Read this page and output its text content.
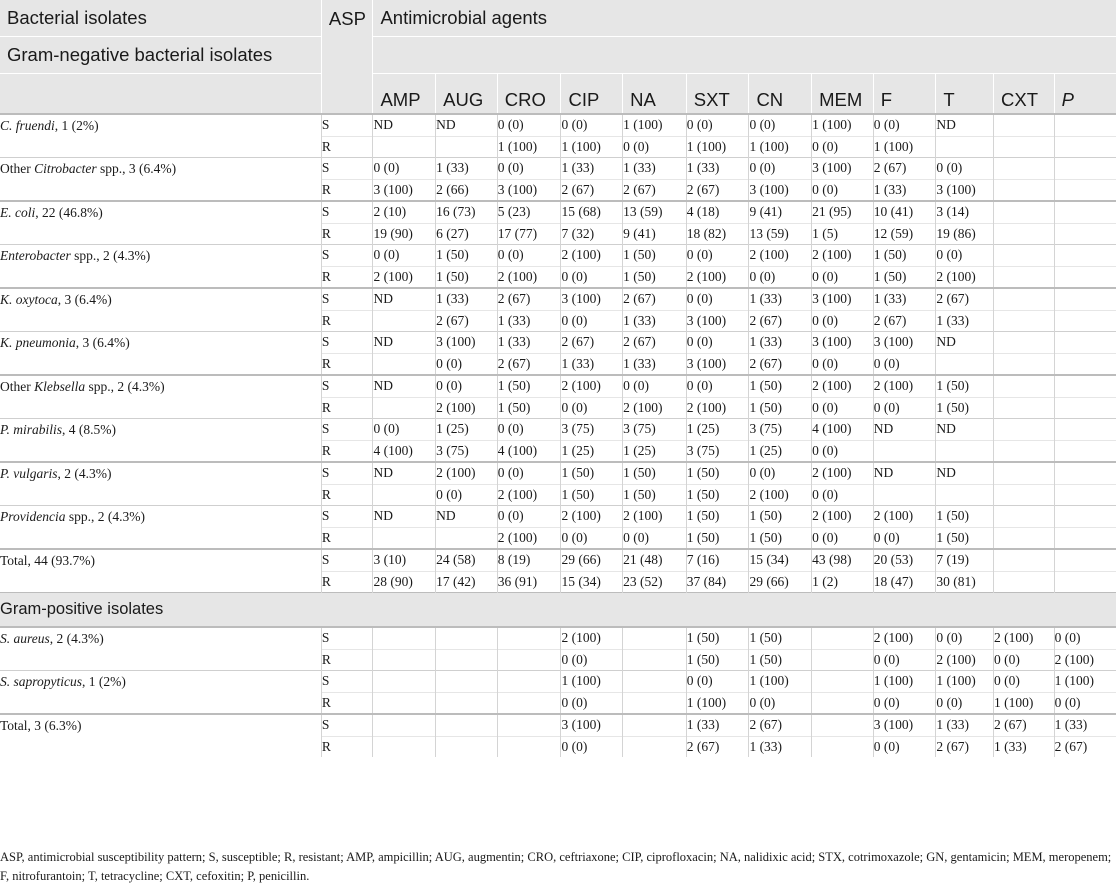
Bacterial isolates	ASP	Antimicrobial agents											
Gram-negative bacterial isolates													
		AMP	AUG	CRO	CIP	NA	SXT	CN	MEM	F	T	CXT	P
C. fruendi, 1 (2%)	S	ND	ND	0 (0)	0 (0)	1 (100)	0 (0)	0 (0)	1 (100)	0 (0)	ND		
	R			1 (100)	1 (100)	0 (0)	1 (100)	1 (100)	0 (0)	1 (100)			
Other Citrobacter spp., 3 (6.4%)	S	0 (0)	1 (33)	0 (0)	1 (33)	1 (33)	1 (33)	0 (0)	3 (100)	2 (67)	0 (0)		
	R	3 (100)	2 (66)	3 (100)	2 (67)	2 (67)	2 (67)	3 (100)	0 (0)	1 (33)	3 (100)		
E. coli, 22 (46.8%)	S	2 (10)	16 (73)	5 (23)	15 (68)	13 (59)	4 (18)	9 (41)	21 (95)	10 (41)	3 (14)		
	R	19 (90)	6 (27)	17 (77)	7 (32)	9 (41)	18 (82)	13 (59)	1 (5)	12 (59)	19 (86)		
Enterobacter spp., 2 (4.3%)	S	0 (0)	1 (50)	0 (0)	2 (100)	1 (50)	0 (0)	2 (100)	2 (100)	1 (50)	0 (0)		
	R	2 (100)	1 (50)	2 (100)	0 (0)	1 (50)	2 (100)	0 (0)	0 (0)	1 (50)	2 (100)		
K. oxytoca, 3 (6.4%)	S	ND	1 (33)	2 (67)	3 (100)	2 (67)	0 (0)	1 (33)	3 (100)	1 (33)	2 (67)		
	R		2 (67)	1 (33)	0 (0)	1 (33)	3 (100)	2 (67)	0 (0)	2 (67)	1 (33)		
K. pneumonia, 3 (6.4%)	S	ND	3 (100)	1 (33)	2 (67)	2 (67)	0 (0)	1 (33)	3 (100)	3 (100)	ND		
	R		0 (0)	2 (67)	1 (33)	1 (33)	3 (100)	2 (67)	0 (0)	0 (0)			
Other Klebsella spp., 2 (4.3%)	S	ND	0 (0)	1 (50)	2 (100)	0 (0)	0 (0)	1 (50)	2 (100)	2 (100)	1 (50)		
	R		2 (100)	1 (50)	0 (0)	2 (100)	2 (100)	1 (50)	0 (0)	0 (0)	1 (50)		
P. mirabilis, 4 (8.5%)	S	0 (0)	1 (25)	0 (0)	3 (75)	3 (75)	1 (25)	3 (75)	4 (100)	ND	ND		
	R	4 (100)	3 (75)	4 (100)	1 (25)	1 (25)	3 (75)	1 (25)	0 (0)				
P. vulgaris, 2 (4.3%)	S	ND	2 (100)	0 (0)	1 (50)	1 (50)	1 (50)	0 (0)	2 (100)	ND	ND		
	R		0 (0)	2 (100)	1 (50)	1 (50)	1 (50)	2 (100)	0 (0)				
Providencia spp., 2 (4.3%)	S	ND	ND	0 (0)	2 (100)	2 (100)	1 (50)	1 (50)	2 (100)	2 (100)	1 (50)		
	R			2 (100)	0 (0)	0 (0)	1 (50)	1 (50)	0 (0)	0 (0)	1 (50)		
Total, 44 (93.7%)	S	3 (10)	24 (58)	8 (19)	29 (66)	21 (48)	7 (16)	15 (34)	43 (98)	20 (53)	7 (19)		
	R	28 (90)	17 (42)	36 (91)	15 (34)	23 (52)	37 (84)	29 (66)	1 (2)	18 (47)	30 (81)		
Gram-positive isolates													
S. aureus, 2 (4.3%)	S				2 (100)		1 (50)	1 (50)		2 (100)	0 (0)	2 (100)	0 (0)
	R				0 (0)		1 (50)	1 (50)		0 (0)	2 (100)	0 (0)	2 (100)
S. sapropyticus, 1 (2%)	S				1 (100)		0 (0)	1 (100)		1 (100)	1 (100)	0 (0)	1 (100)
	R				0 (0)		1 (100)	0 (0)		0 (0)	0 (0)	1 (100)	0 (0)
Total, 3 (6.3%)	S				3 (100)		1 (33)	2 (67)		3 (100)	1 (33)	2 (67)	1 (33)
	R				0 (0)		2 (67)	1 (33)		0 (0)	2 (67)	1 (33)	2 (67)
ASP, antimicrobial susceptibility pattern; S, susceptible; R, resistant; AMP, ampicillin; AUG, augmentin; CRO, ceftriaxone; CIP, ciprofloxacin; NA, nalidixic acid; STX, cotrimoxazole; GN, gentamicin; MEM, meropenem; F, nitrofurantoin; T, tetracycline; CXT, cefoxitin; P, penicillin.
